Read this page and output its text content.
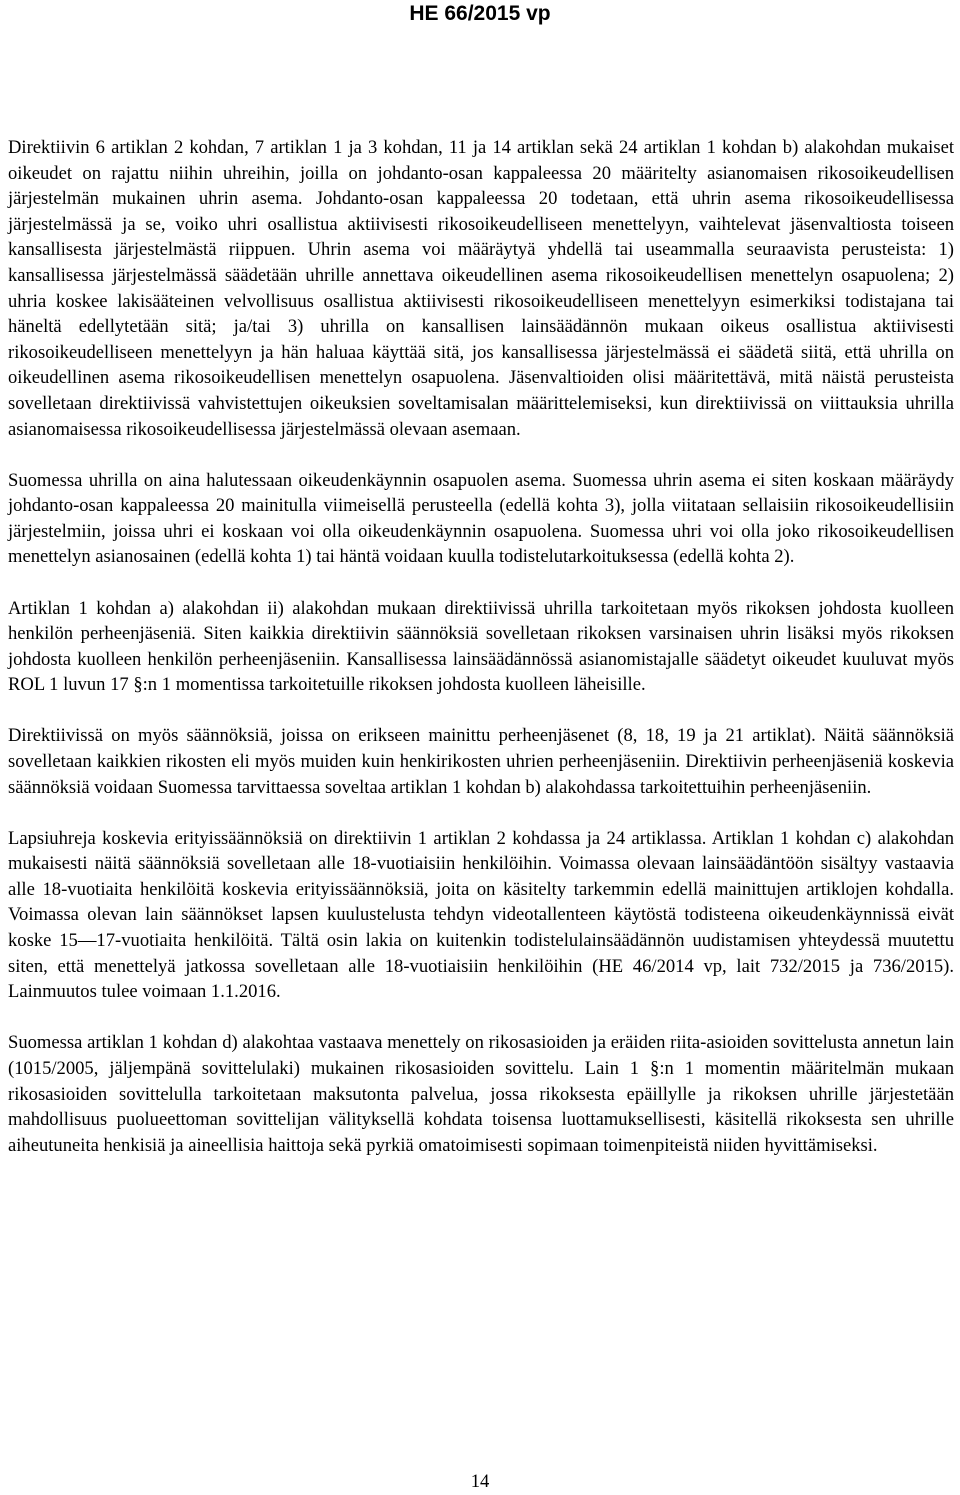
HE 66/2015 vp

Direktiivin 6 artiklan 2 kohdan, 7 artiklan 1 ja 3 kohdan, 11 ja 14 artiklan sekä 24 artiklan 1 kohdan b) alakohdan mukaiset oikeudet on rajattu niihin uhreihin, joilla on johdanto-osan kappaleessa 20 määritelty asianomaisen rikosoikeudellisen järjestelmän mukainen uhrin asema. Johdanto-osan kappaleessa 20 todetaan, että uhrin asema rikosoikeudellisessa järjestelmässä ja se, voiko uhri osallistua aktiivisesti rikosoikeudelliseen menettelyyn, vaihtelevat jäsenvaltiosta toiseen kansallisesta järjestelmästä riippuen. Uhrin asema voi määräytyä yhdellä tai useammalla seuraavista perusteista: 1) kansallisessa järjestelmässä säädetään uhrille annettava oikeudellinen asema rikosoikeudellisen menettelyn osapuolena; 2) uhria koskee lakisääteinen velvollisuus osallistua aktiivisesti rikosoikeudelliseen menettelyyn esimerkiksi todistajana tai häneltä edellytetään sitä; ja/tai 3) uhrilla on kansallisen lainsäädännön mukaan oikeus osallistua aktiivisesti rikosoikeudelliseen menettelyyn ja hän haluaa käyttää sitä, jos kansallisessa järjestelmässä ei säädetä siitä, että uhrilla on oikeudellinen asema rikosoikeudellisen menettelyn osapuolena. Jäsenvaltioiden olisi määritettävä, mitä näistä perusteista sovelletaan direktiivissä vahvistettujen oikeuksien soveltamisalan määrittelemiseksi, kun direktiivissä on viittauksia uhrilla asianomaisessa rikosoikeudellisessa järjestelmässä olevaan asemaan.

Suomessa uhrilla on aina halutessaan oikeudenkäynnin osapuolen asema. Suomessa uhrin asema ei siten koskaan määräydy johdanto-osan kappaleessa 20 mainitulla viimeisellä perusteella (edellä kohta 3), jolla viitataan sellaisiin rikosoikeudellisiin järjestelmiin, joissa uhri ei koskaan voi olla oikeudenkäynnin osapuolena. Suomessa uhri voi olla joko rikosoikeudellisen menettelyn asianosainen (edellä kohta 1) tai häntä voidaan kuulla todistelutarkoituksessa (edellä kohta 2).

Artiklan 1 kohdan a) alakohdan ii) alakohdan mukaan direktiivissä uhrilla tarkoitetaan myös rikoksen johdosta kuolleen henkilön perheenjäseniä. Siten kaikkia direktiivin säännöksiä sovelletaan rikoksen varsinaisen uhrin lisäksi myös rikoksen johdosta kuolleen henkilön perheenjäseniin. Kansallisessa lainsäädännössä asianomistajalle säädetyt oikeudet kuuluvat myös ROL 1 luvun 17 §:n 1 momentissa tarkoitetuille rikoksen johdosta kuolleen läheisille.

Direktiivissä on myös säännöksiä, joissa on erikseen mainittu perheenjäsenet (8, 18, 19 ja 21 artiklat). Näitä säännöksiä sovelletaan kaikkien rikosten eli myös muiden kuin henkirikosten uhrien perheenjäseniin. Direktiivin perheenjäseniä koskevia säännöksiä voidaan Suomessa tarvittaessa soveltaa artiklan 1 kohdan b) alakohdassa tarkoitettuihin perheenjäseniin.

Lapsiuhreja koskevia erityissäännöksiä on direktiivin 1 artiklan 2 kohdassa ja 24 artiklassa. Artiklan 1 kohdan c) alakohdan mukaisesti näitä säännöksiä sovelletaan alle 18-vuotiaisiin henkilöihin. Voimassa olevaan lainsäädäntöön sisältyy vastaavia alle 18-vuotiaita henkilöitä koskevia erityissäännöksiä, joita on käsitelty tarkemmin edellä mainittujen artiklojen kohdalla. Voimassa olevan lain säännökset lapsen kuulustelusta tehdyn videotallenteen käytöstä todisteena oikeudenkäynnissä eivät koske 15—17-vuotiaita henkilöitä. Tältä osin lakia on kuitenkin todistelulainsäädännön uudistamisen yhteydessä muutettu siten, että menettelyä jatkossa sovelletaan alle 18-vuotiaisiin henkilöihin (HE 46/2014 vp, lait 732/2015 ja 736/2015). Lainmuutos tulee voimaan 1.1.2016.

Suomessa artiklan 1 kohdan d) alakohtaa vastaava menettely on rikosasioiden ja eräiden riita-asioiden sovittelusta annetun lain (1015/2005, jäljempänä sovittelulaki) mukainen rikosasioiden sovittelu. Lain 1 §:n 1 momentin määritelmän mukaan rikosasioiden sovittelulla tarkoitetaan maksutonta palvelua, jossa rikoksesta epäillylle ja rikoksen uhrille järjestetään mahdollisuus puolueettoman sovittelijan välityksellä kohdata toisensa luottamuksellisesti, käsitellä rikoksesta sen uhrille aiheutuneita henkisiä ja aineellisia haittoja sekä pyrkiä omatoimisesti sopimaan toimenpiteistä niiden hyvittämiseksi.

14
